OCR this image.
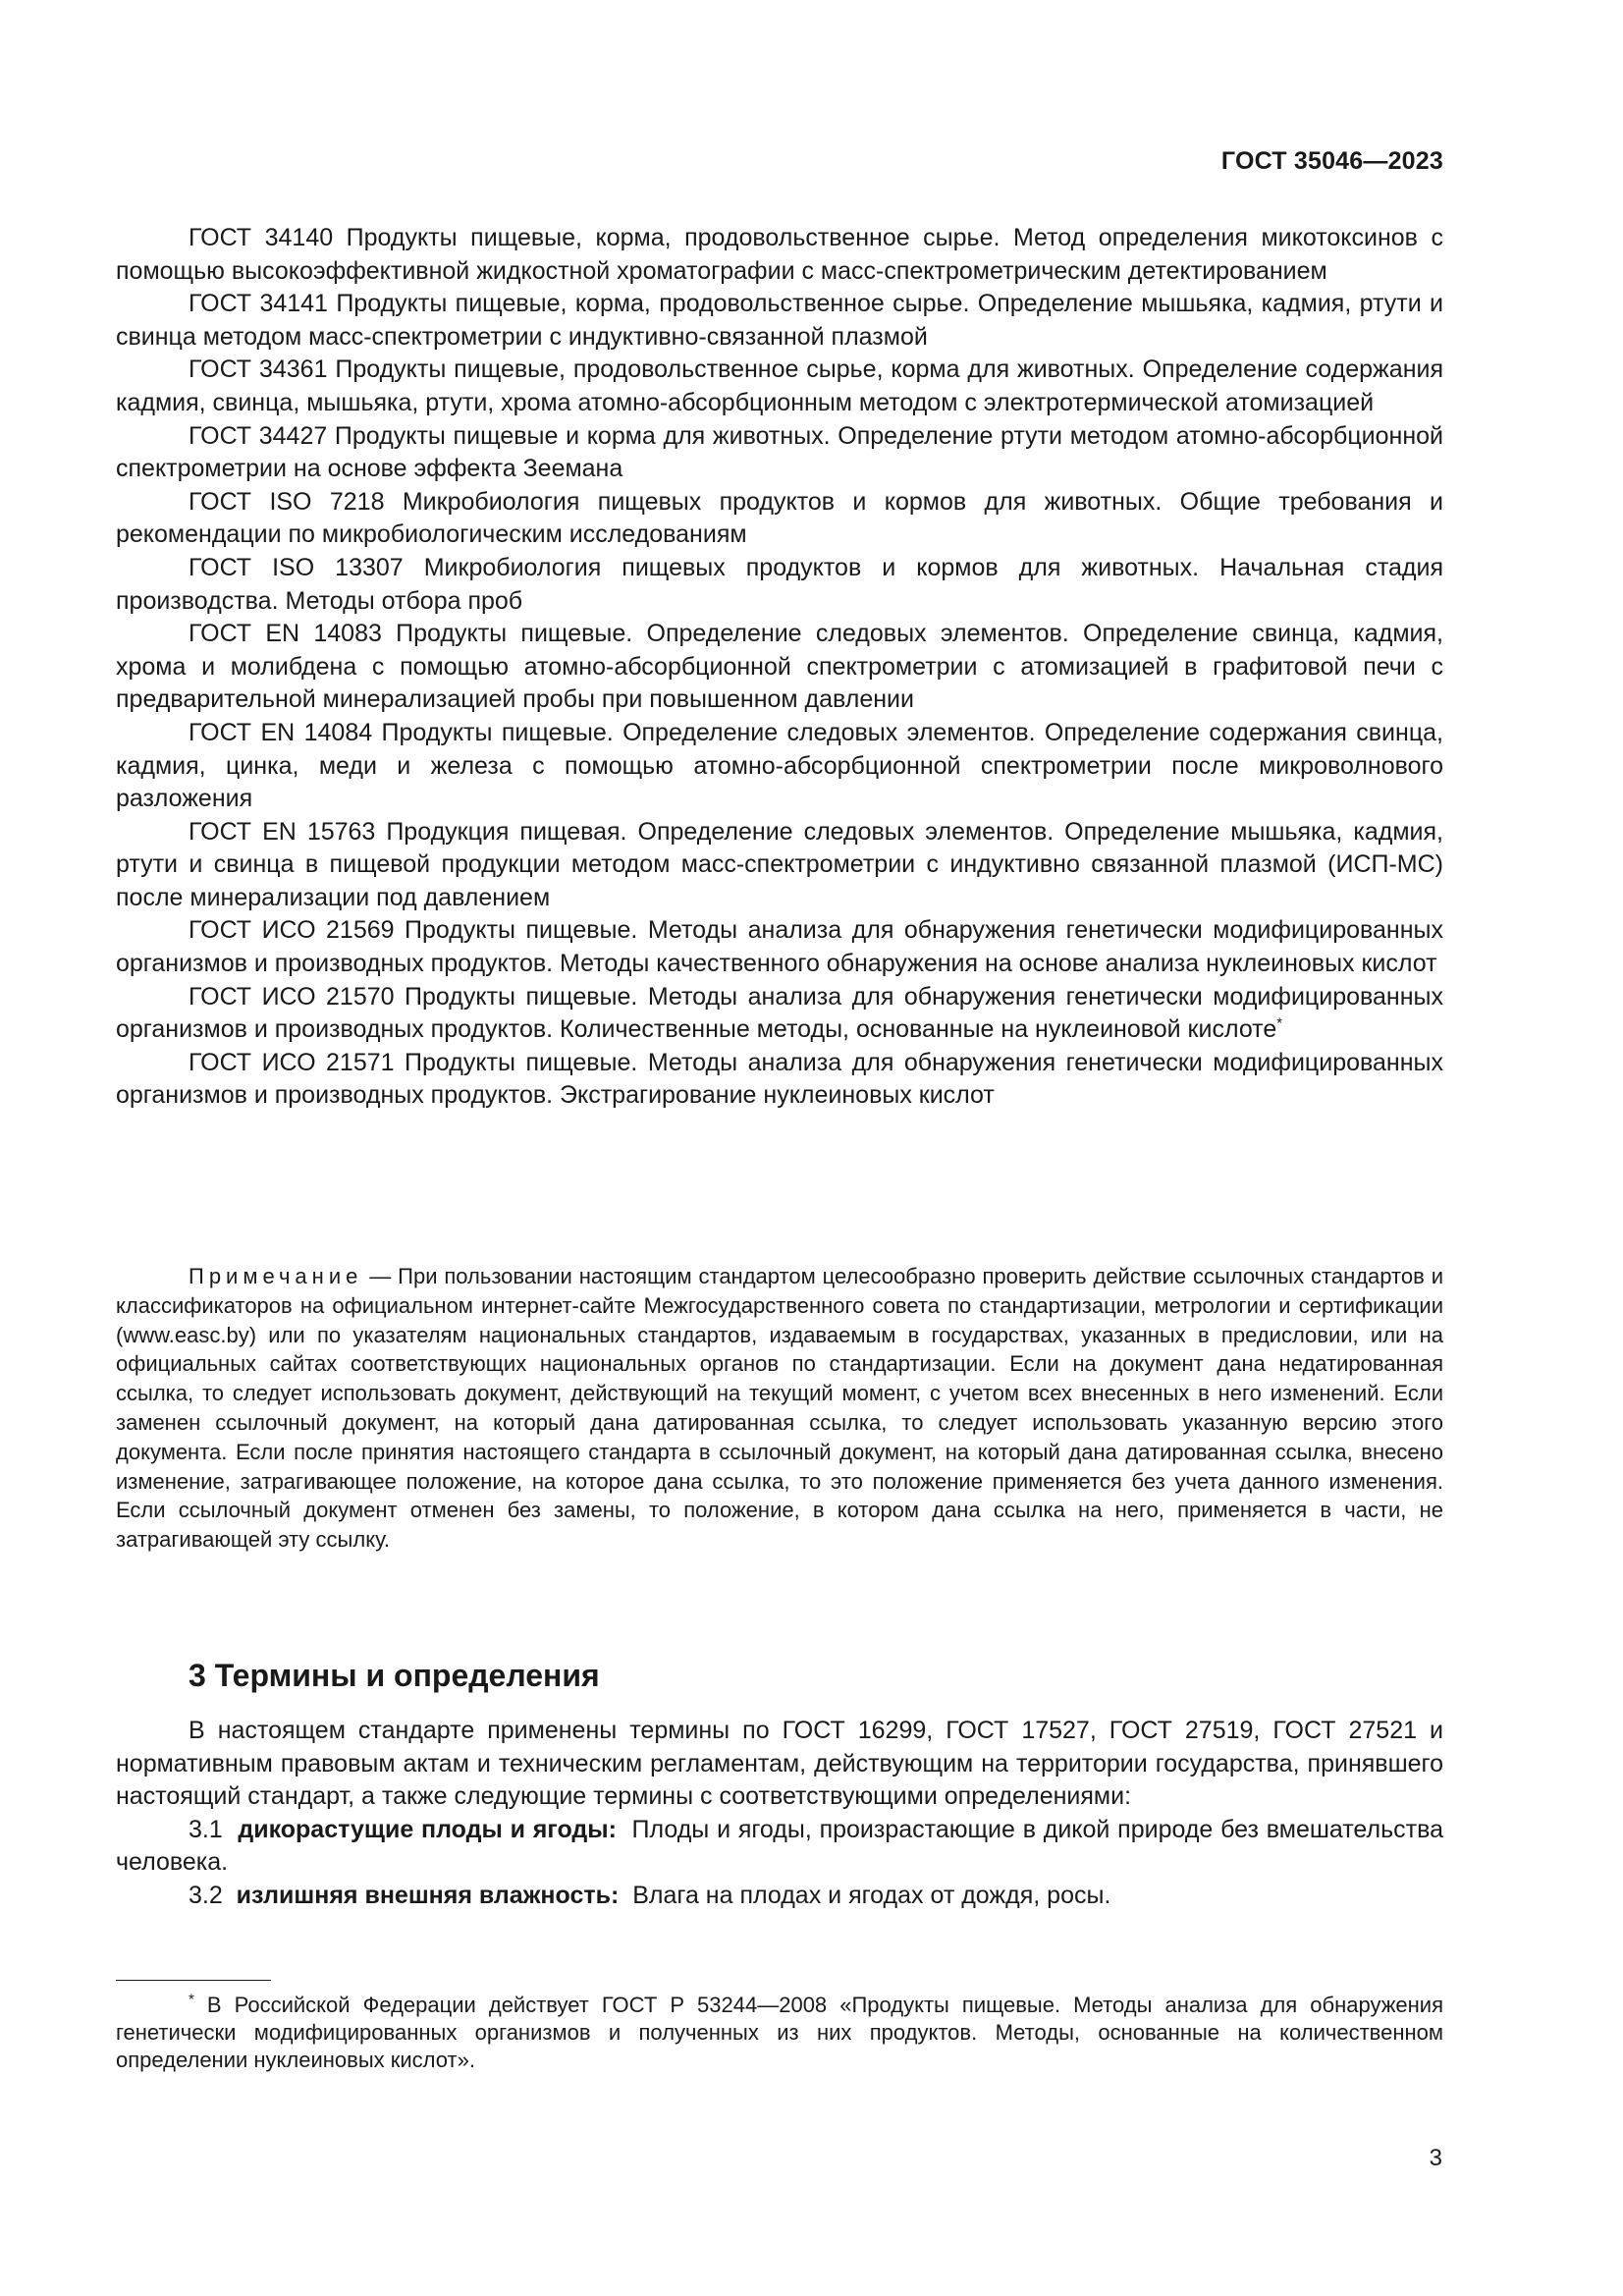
ГОСТ 35046—2023

ГОСТ 34140 Продукты пищевые, корма, продовольственное сырье. Метод определения микотоксинов с помощью высокоэффективной жидкостной хроматографии с масс-спектрометрическим детектированием

ГОСТ 34141 Продукты пищевые, корма, продовольственное сырье. Определение мышьяка, кадмия, ртути и свинца методом масс-спектрометрии с индуктивно-связанной плазмой

ГОСТ 34361 Продукты пищевые, продовольственное сырье, корма для животных. Определение содержания кадмия, свинца, мышьяка, ртути, хрома атомно-абсорбционным методом с электротермической атомизацией

ГОСТ 34427 Продукты пищевые и корма для животных. Определение ртути методом атомно-абсорбционной спектрометрии на основе эффекта Зеемана

ГОСТ ISO 7218 Микробиология пищевых продуктов и кормов для животных. Общие требования и рекомендации по микробиологическим исследованиям

ГОСТ ISO 13307 Микробиология пищевых продуктов и кормов для животных. Начальная стадия производства. Методы отбора проб

ГОСТ EN 14083 Продукты пищевые. Определение следовых элементов. Определение свинца, кадмия, хрома и молибдена с помощью атомно-абсорбционной спектрометрии с атомизацией в графитовой печи с предварительной минерализацией пробы при повышенном давлении

ГОСТ EN 14084 Продукты пищевые. Определение следовых элементов. Определение содержания свинца, кадмия, цинка, меди и железа с помощью атомно-абсорбционной спектрометрии после микроволнового разложения

ГОСТ EN 15763 Продукция пищевая. Определение следовых элементов. Определение мышьяка, кадмия, ртути и свинца в пищевой продукции методом масс-спектрометрии с индуктивно связанной плазмой (ИСП-МС) после минерализации под давлением

ГОСТ ИСО 21569 Продукты пищевые. Методы анализа для обнаружения генетически модифицированных организмов и производных продуктов. Методы качественного обнаружения на основе анализа нуклеиновых кислот

ГОСТ ИСО 21570 Продукты пищевые. Методы анализа для обнаружения генетически модифицированных организмов и производных продуктов. Количественные методы, основанные на нуклеиновой кислоте*

ГОСТ ИСО 21571 Продукты пищевые. Методы анализа для обнаружения генетически модифицированных организмов и производных продуктов. Экстрагирование нуклеиновых кислот

Примечание — При пользовании настоящим стандартом целесообразно проверить действие ссылочных стандартов и классификаторов на официальном интернет-сайте Межгосударственного совета по стандартизации, метрологии и сертификации (www.easc.by) или по указателям национальных стандартов, издаваемым в государствах, указанных в предисловии, или на официальных сайтах соответствующих национальных органов по стандартизации. Если на документ дана недатированная ссылка, то следует использовать документ, действующий на текущий момент, с учетом всех внесенных в него изменений. Если заменен ссылочный документ, на который дана датированная ссылка, то следует использовать указанную версию этого документа. Если после принятия настоящего стандарта в ссылочный документ, на который дана датированная ссылка, внесено изменение, затрагивающее положение, на которое дана ссылка, то это положение применяется без учета данного изменения. Если ссылочный документ отменен без замены, то положение, в котором дана ссылка на него, применяется в части, не затрагивающей эту ссылку.

3 Термины и определения

В настоящем стандарте применены термины по ГОСТ 16299, ГОСТ 17527, ГОСТ 27519, ГОСТ 27521 и нормативным правовым актам и техническим регламентам, действующим на территории государства, принявшего настоящий стандарт, а также следующие термины с соответствующими определениями:

3.1 дикорастущие плоды и ягоды: Плоды и ягоды, произрастающие в дикой природе без вмешательства человека.

3.2 излишняя внешняя влажность: Влага на плодах и ягодах от дождя, росы.

* В Российской Федерации действует ГОСТ Р 53244—2008 «Продукты пищевые. Методы анализа для обнаружения генетически модифицированных организмов и полученных из них продуктов. Методы, основанные на количественном определении нуклеиновых кислот».

3
